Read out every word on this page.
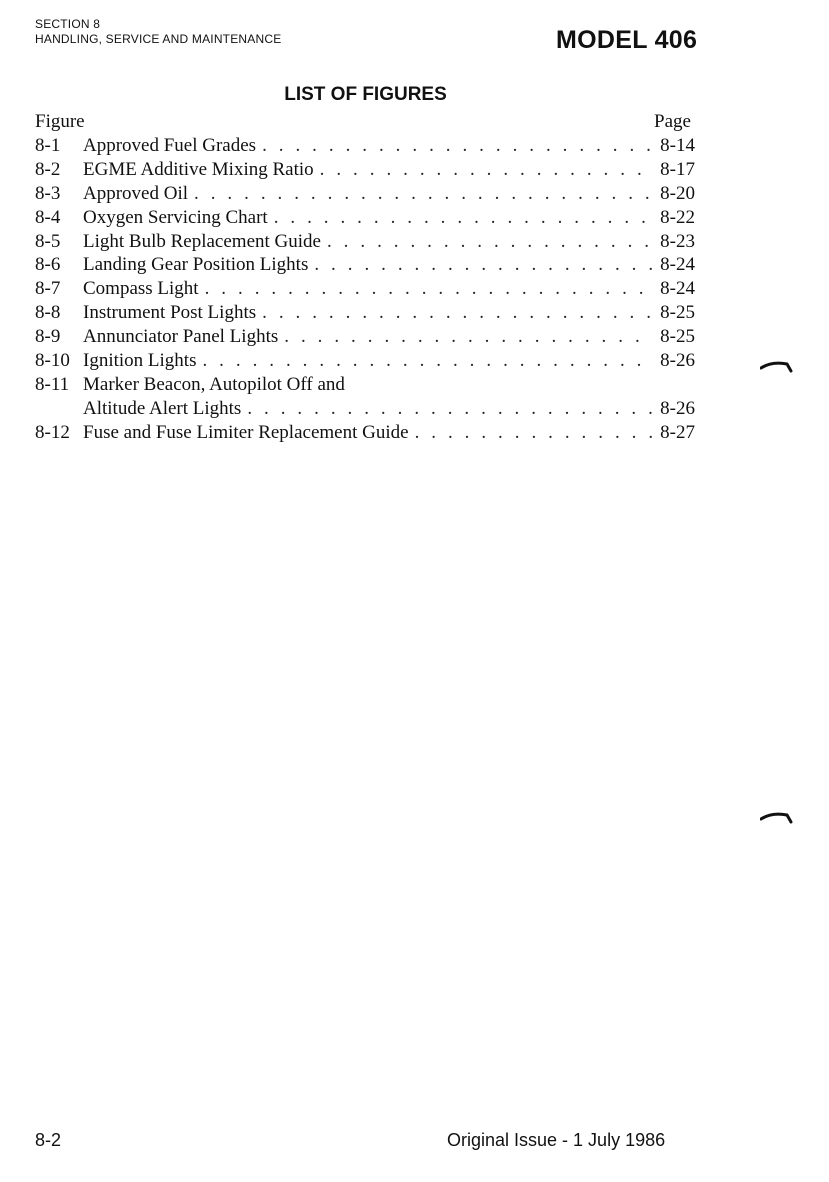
SECTION 8
HANDLING, SERVICE AND MAINTENANCE	MODEL 406
LIST OF FIGURES
Figure	Page
8-1 Approved Fuel Grades . . .	8-14
8-2 EGME Additive Mixing Ratio . . .	8-17
8-3 Approved Oil . . .	8-20
8-4 Oxygen Servicing Chart . . .	8-22
8-5 Light Bulb Replacement Guide . . .	8-23
8-6 Landing Gear Position Lights . . .	8-24
8-7 Compass Light . . .	8-24
8-8 Instrument Post Lights . . .	8-25
8-9 Annunciator Panel Lights . . .	8-25
8-10 Ignition Lights . . .	8-26
8-11 Marker Beacon, Autopilot Off and
Altitude Alert Lights . . .	8-26
8-12 Fuse and Fuse Limiter Replacement Guide . . .	8-27
8-2	Original Issue - 1 July 1986
